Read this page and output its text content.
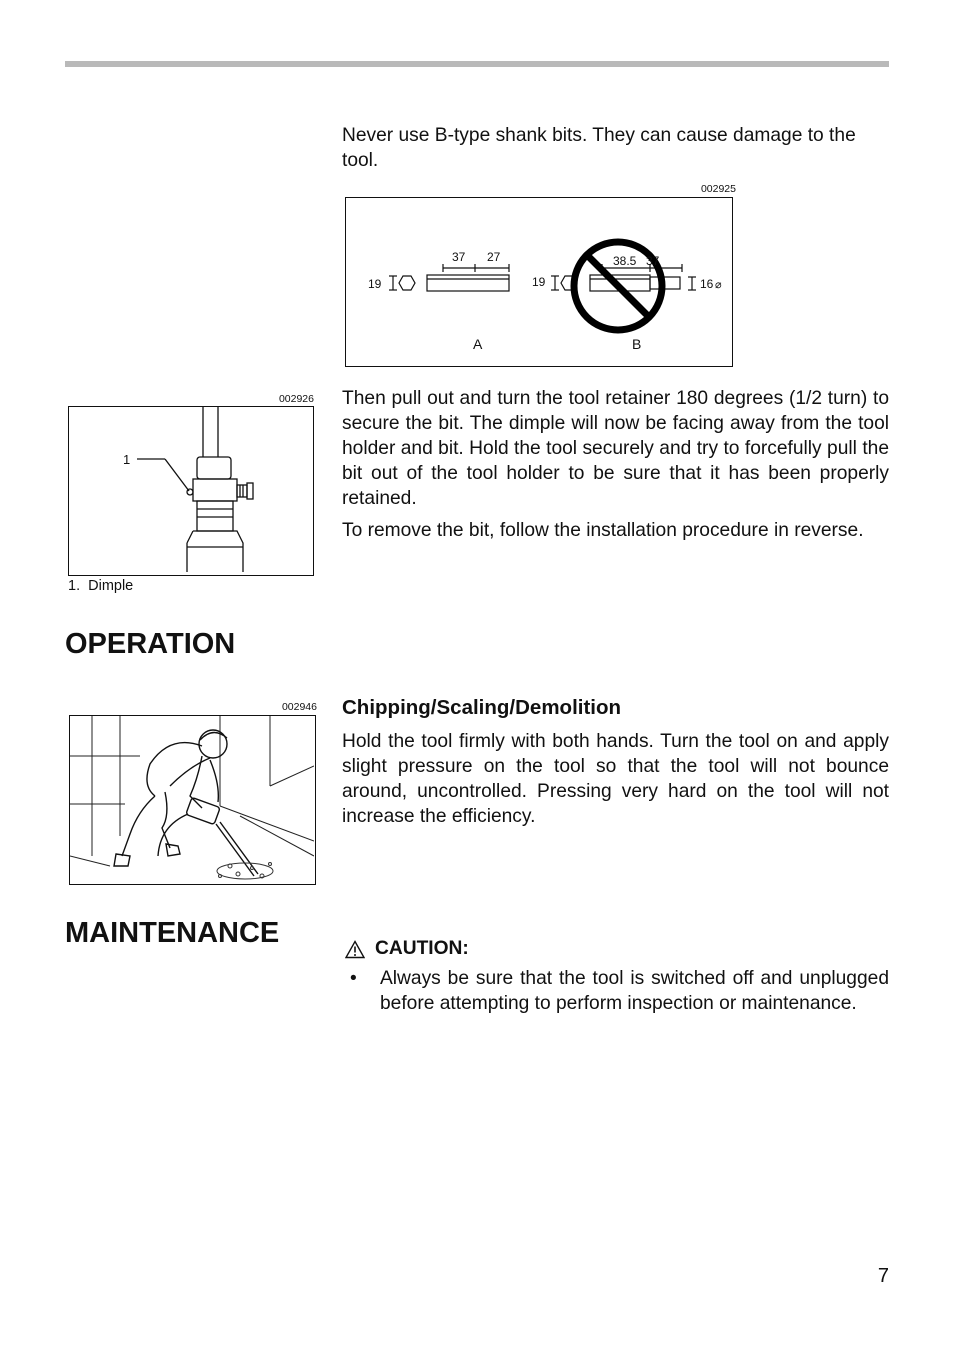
Never use B-type shank bits. They can cause damage to the tool.

002925
19
37 27
19
38.5 37
16 ⌀
A	B
002926
1
1. Dimple

Then pull out and turn the tool retainer 180 degrees (1/2 turn) to secure the bit. The dimple will now be facing away from the tool holder and bit. Hold the tool securely and try to forcefully pull the bit out of the tool holder to be sure that it has been properly retained.

To remove the bit, follow the installation procedure in reverse.

OPERATION
002946 Chipping/Scaling/Demolition

Hold the tool firmly with both hands. Turn the tool on and apply slight pressure on the tool so that the tool will not bounce around, uncontrolled. Pressing very hard on the tool will not increase the efficiency.

MAINTENANCE	CAUTION:
•	Always be sure that the tool is switched off and unplugged before attempting to perform inspection or maintenance.

7
